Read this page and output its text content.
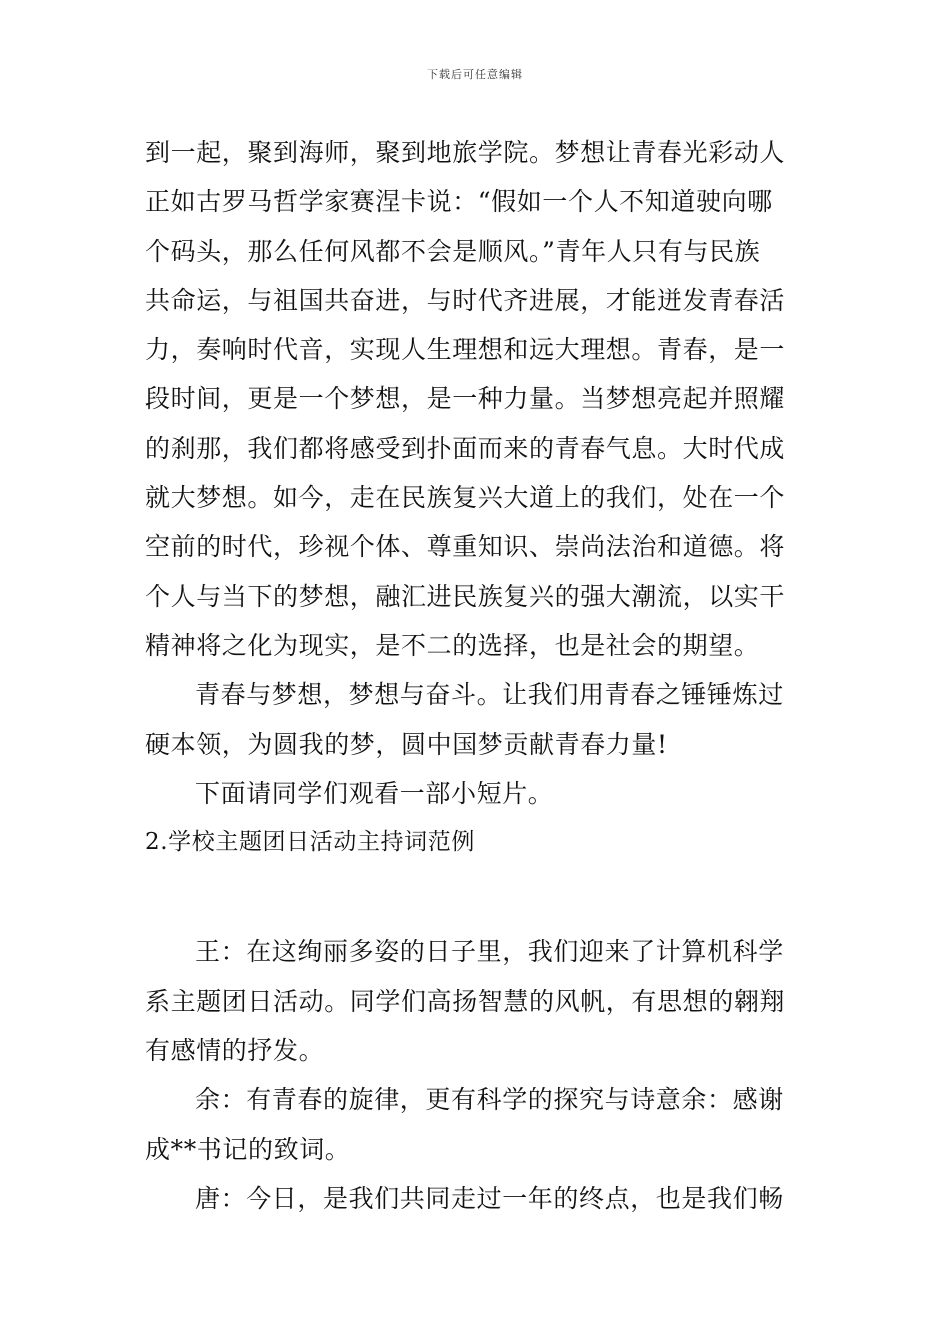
下载后可任意编辑
到一起，聚到海师，聚到地旅学院。梦想让青春光彩动人
正如古罗马哲学家赛涅卡说：“假如一个人不知道驶向哪
个码头，那么任何风都不会是顺风。”青年人只有与民族
共命运，与祖国共奋进，与时代齐进展，才能迸发青春活
力，奏响时代音，实现人生理想和远大理想。青春，是一
段时间，更是一个梦想，是一种力量。当梦想亮起并照耀
的刹那，我们都将感受到扑面而来的青春气息。大时代成
就大梦想。如今，走在民族复兴大道上的我们，处在一个
空前的时代，珍视个体、尊重知识、崇尚法治和道德。将
个人与当下的梦想，融汇进民族复兴的强大潮流，以实干
精神将之化为现实，是不二的选择，也是社会的期望。
青春与梦想，梦想与奋斗。让我们用青春之锤锤炼过
硬本领，为圆我的梦，圆中国梦贡献青春力量!
下面请同学们观看一部小短片。
2.学校主题团日活动主持词范例
王：在这绚丽多姿的日子里，我们迎来了计算机科学
系主题团日活动。同学们高扬智慧的风帆，有思想的翱翔
有感情的抒发。
余：有青春的旋律，更有科学的探究与诗意余：感谢
成**书记的致词。
唐：今日，是我们共同走过一年的终点，也是我们畅
